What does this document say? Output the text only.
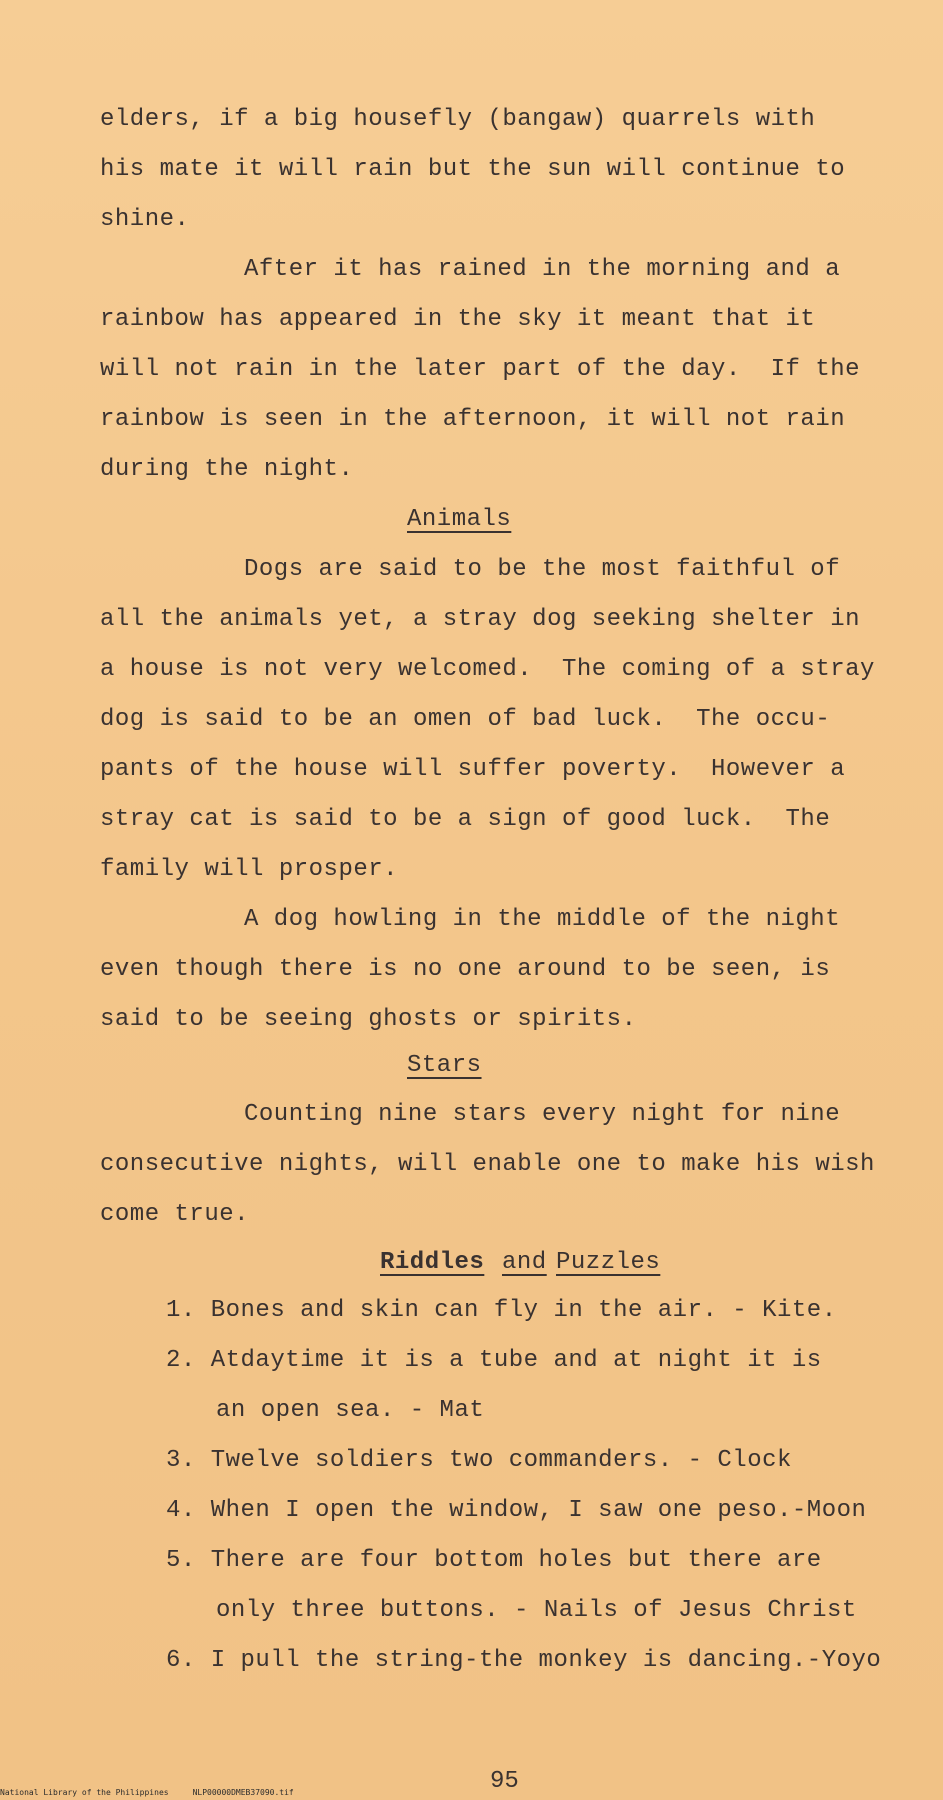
elders, if a big housefly (bangaw) quarrels with
his mate it will rain but the sun will continue to
shine.
After it has rained in the morning and a
rainbow has appeared in the sky it meant that it
will not rain in the later part of the day.  If the
rainbow is seen in the afternoon, it will not rain
during the night.
Animals
Dogs are said to be the most faithful of
all the animals yet, a stray dog seeking shelter in
a house is not very welcomed.  The coming of a stray
dog is said to be an omen of bad luck.  The occu-
pants of the house will suffer poverty.  However a
stray cat is said to be a sign of good luck.  The
family will prosper.
A dog howling in the middle of the night
even though there is no one around to be seen, is
said to be seeing ghosts or spirits.
Stars
Counting nine stars every night for nine
consecutive nights, will enable one to make his wish
come true.
Riddles and Puzzles
1. Bones and skin can fly in the air. - Kite.
2. Atdaytime it is a tube and at night it is
an open sea. - Mat
3. Twelve soldiers two commanders. - Clock
4. When I open the window, I saw one peso.-Moon
5. There are four bottom holes but there are
only three buttons. - Nails of Jesus Christ
6. I pull the string-the monkey is dancing.-Yoyo
95
National Library of the Philippines	NLP00000DMEB37090.tif
